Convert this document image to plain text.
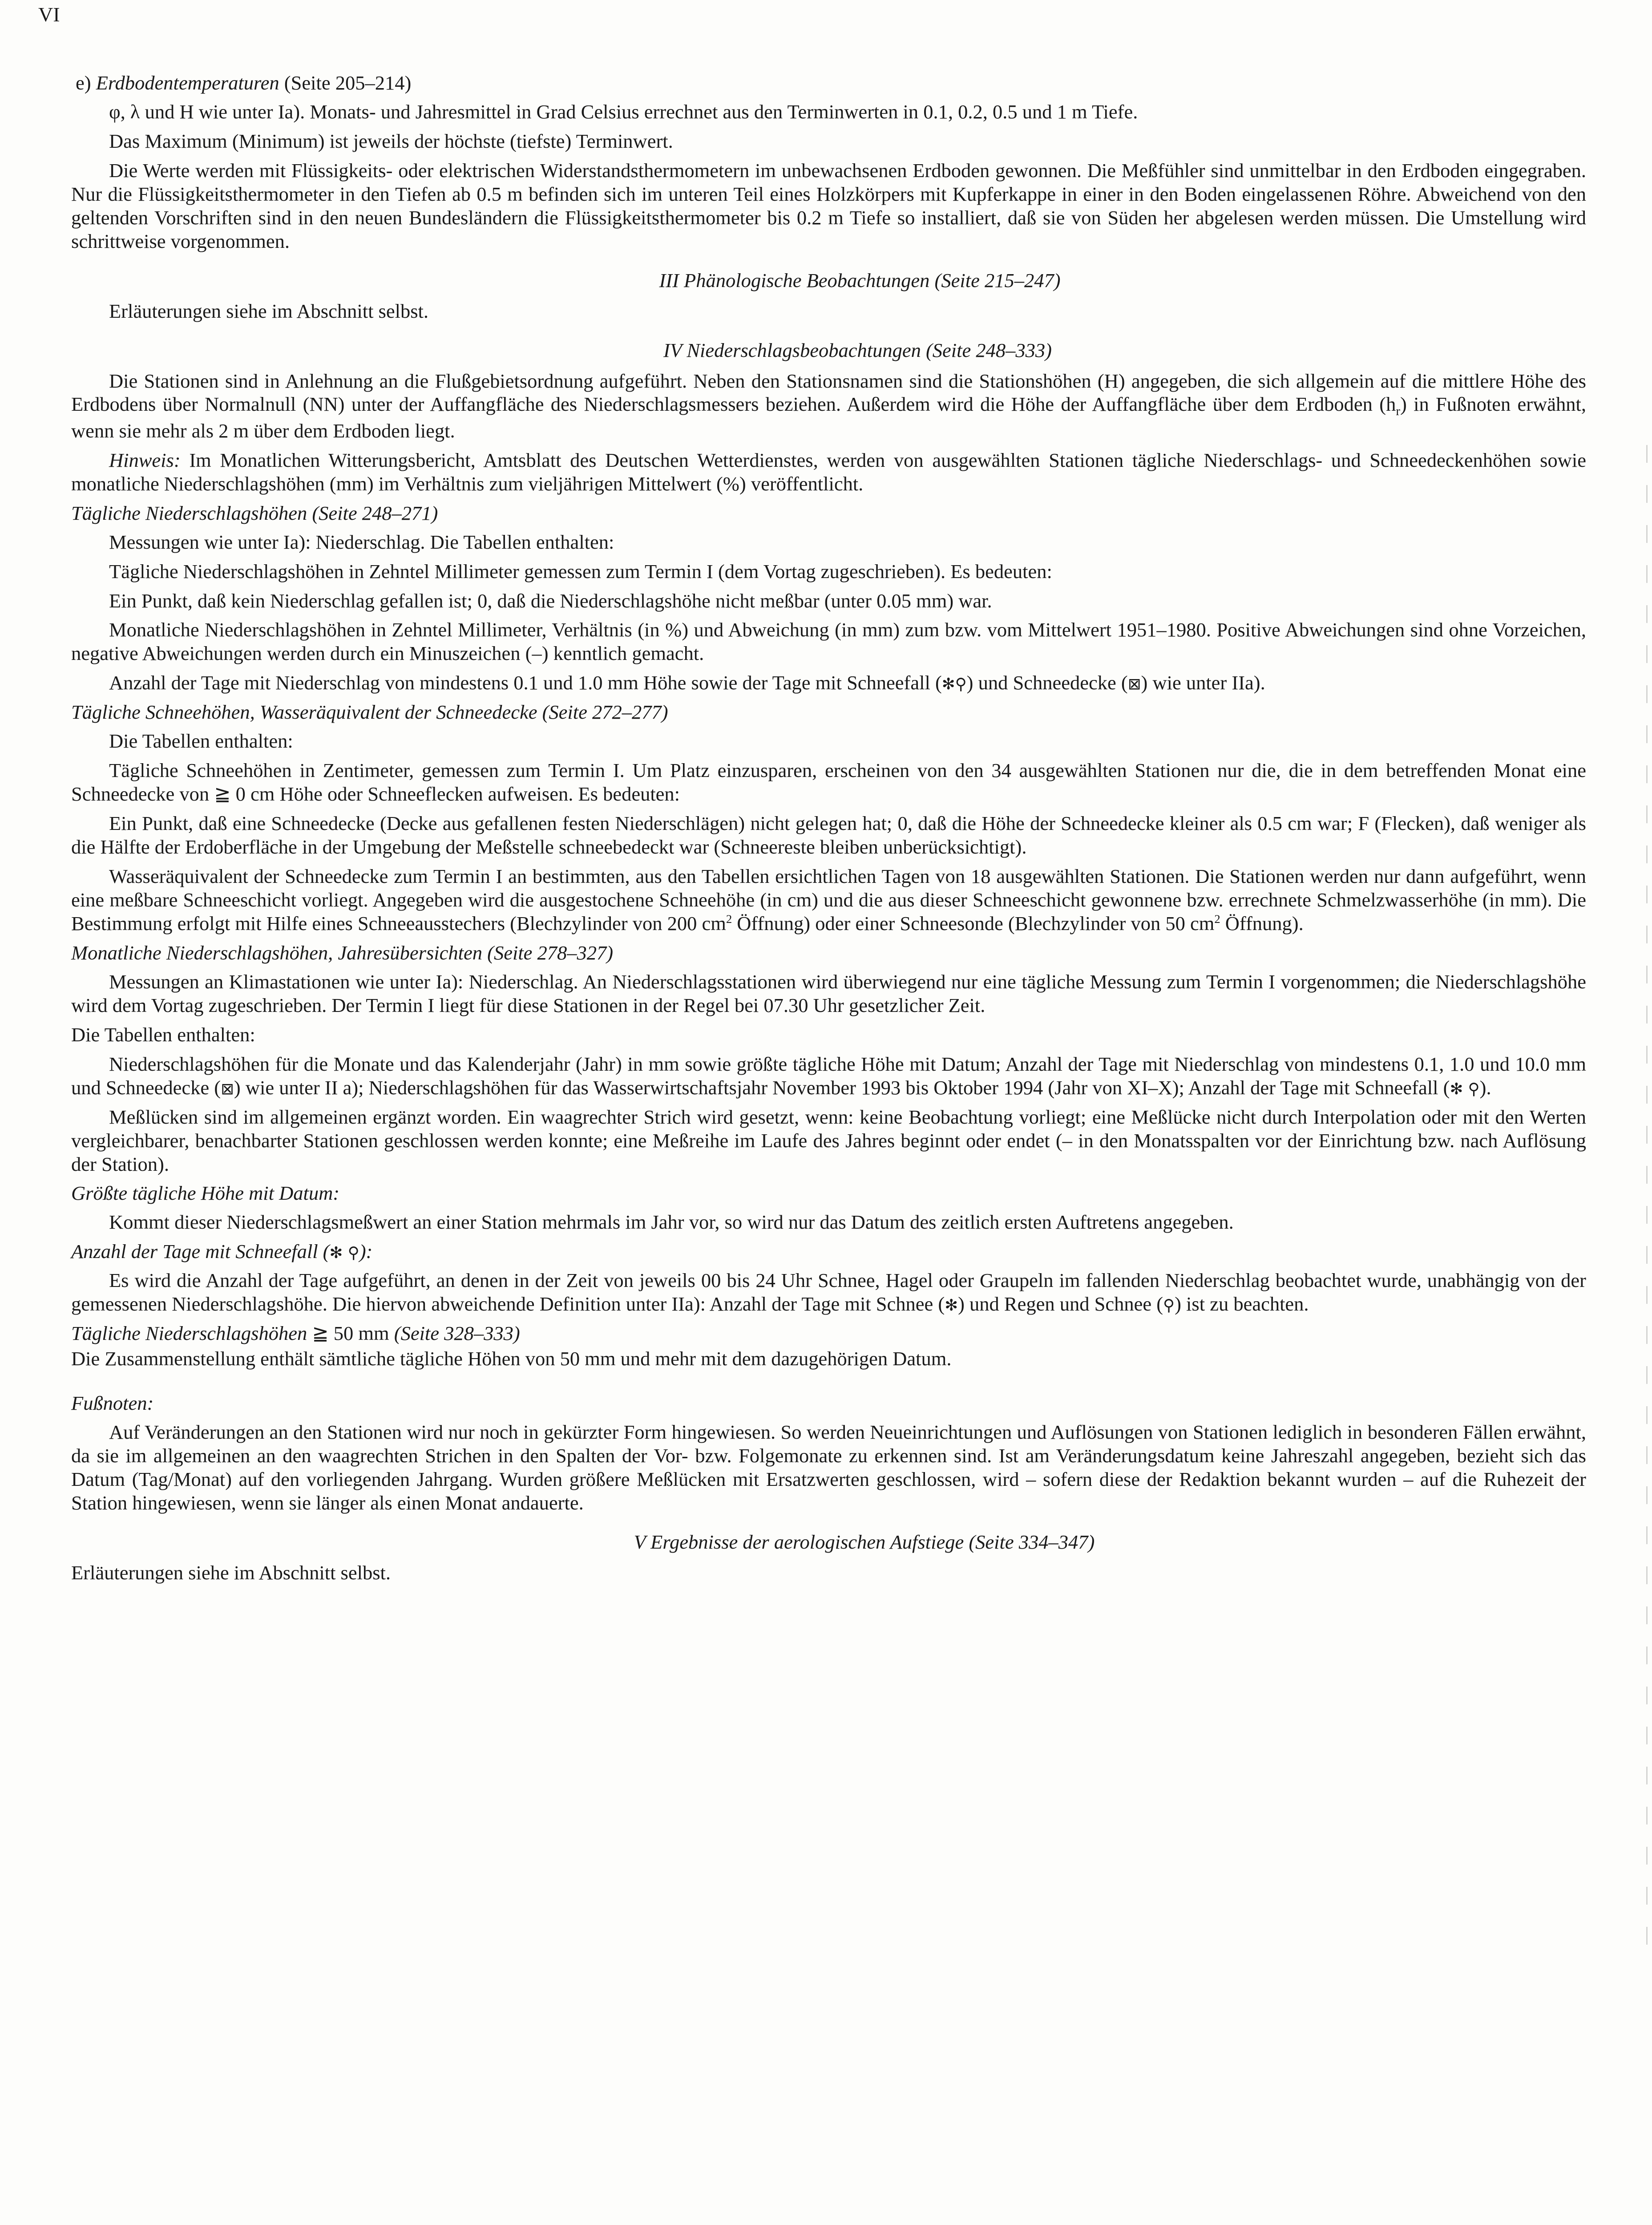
VI
e) Erdbodentemperaturen (Seite 205–214)

φ, λ und H wie unter Ia). Monats- und Jahresmittel in Grad Celsius errechnet aus den Terminwerten in 0.1, 0.2, 0.5 und 1 m Tiefe.

Das Maximum (Minimum) ist jeweils der höchste (tiefste) Terminwert.

Die Werte werden mit Flüssigkeits- oder elektrischen Widerstandsthermometern im unbewachsenen Erdboden gewonnen. Die Meßfühler sind unmittelbar in den Erdboden eingegraben. Nur die Flüssigkeitsthermometer in den Tiefen ab 0.5 m befinden sich im unteren Teil eines Holzkörpers mit Kupferkappe in einer in den Boden eingelassenen Röhre. Abweichend von den geltenden Vorschriften sind in den neuen Bundesländern die Flüssigkeitsthermometer bis 0.2 m Tiefe so installiert, daß sie von Süden her abgelesen werden müssen. Die Umstellung wird schrittweise vorgenommen.

III Phänologische Beobachtungen (Seite 215–247)

Erläuterungen siehe im Abschnitt selbst.

IV Niederschlagsbeobachtungen (Seite 248–333)

Die Stationen sind in Anlehnung an die Flußgebietsordnung aufgeführt. Neben den Stationsnamen sind die Stationshöhen (H) angegeben, die sich allgemein auf die mittlere Höhe des Erdbodens über Normalnull (NN) unter der Auffangfläche des Niederschlagsmessers beziehen. Außerdem wird die Höhe der Auffangfläche über dem Erdboden $(h_r)$ in Fußnoten erwähnt, wenn sie mehr als 2 m über dem Erdboden liegt.

Hinweis: Im Monatlichen Witterungsbericht, Amtsblatt des Deutschen Wetterdienstes, werden von ausgewählten Stationen tägliche Niederschlags- und Schneedeckenhöhen sowie monatliche Niederschlagshöhen (mm) im Verhältnis zum vieljährigen Mittelwert (%) veröffentlicht.

Tägliche Niederschlagshöhen (Seite 248–271)

Messungen wie unter Ia): Niederschlag. Die Tabellen enthalten:

Tägliche Niederschlagshöhen in Zehntel Millimeter gemessen zum Termin I (dem Vortag zugeschrieben). Es bedeuten:

Ein Punkt, daß kein Niederschlag gefallen ist; 0, daß die Niederschlagshöhe nicht meßbar (unter 0.05 mm) war.

Monatliche Niederschlagshöhen in Zehntel Millimeter, Verhältnis (in %) und Abweichung (in mm) zum bzw. vom Mittelwert 1951–1980. Positive Abweichungen sind ohne Vorzeichen, negative Abweichungen werden durch ein Minuszeichen (–) kenntlich gemacht.

Anzahl der Tage mit Niederschlag von mindestens 0.1 und 1.0 mm Höhe sowie der Tage mit Schneefall (✻⚲) und Schneedecke (⊠) wie unter IIa).

Tägliche Schneehöhen, Wasseräquivalent der Schneedecke (Seite 272–277)

Die Tabellen enthalten:

Tägliche Schneehöhen in Zentimeter, gemessen zum Termin I. Um Platz einzusparen, erscheinen von den 34 ausgewählten Stationen nur die, die in dem betreffenden Monat eine Schneedecke von ≧ 0 cm Höhe oder Schneeflecken aufweisen. Es bedeuten:

Ein Punkt, daß eine Schneedecke (Decke aus gefallenen festen Niederschlägen) nicht gelegen hat; 0, daß die Höhe der Schneedecke kleiner als 0.5 cm war; F (Flecken), daß weniger als die Hälfte der Erdoberfläche in der Umgebung der Meßstelle schneebedeckt war (Schneereste bleiben unberücksichtigt).

Wasseräquivalent der Schneedecke zum Termin I an bestimmten, aus den Tabellen ersichtlichen Tagen von 18 ausgewählten Stationen. Die Stationen werden nur dann aufgeführt, wenn eine meßbare Schneeschicht vorliegt. Angegeben wird die ausgestochene Schneehöhe (in cm) und die aus dieser Schneeschicht gewonnene bzw. errechnete Schmelzwasserhöhe (in mm). Die Bestimmung erfolgt mit Hilfe eines Schneeausstechers (Blechzylinder von 200 $cm^2$ Öffnung) oder einer Schneesonde (Blechzylinder von 50 $cm^2$ Öffnung).

Monatliche Niederschlagshöhen, Jahresübersichten (Seite 278–327)

Messungen an Klimastationen wie unter Ia): Niederschlag. An Niederschlagsstationen wird überwiegend nur eine tägliche Messung zum Termin I vorgenommen; die Niederschlagshöhe wird dem Vortag zugeschrieben. Der Termin I liegt für diese Stationen in der Regel bei 07.30 Uhr gesetzlicher Zeit.

Die Tabellen enthalten:

Niederschlagshöhen für die Monate und das Kalenderjahr (Jahr) in mm sowie größte tägliche Höhe mit Datum; Anzahl der Tage mit Niederschlag von mindestens 0.1, 1.0 und 10.0 mm und Schneedecke (⊠) wie unter II a); Niederschlagshöhen für das Wasserwirtschaftsjahr November 1993 bis Oktober 1994 (Jahr von XI–X); Anzahl der Tage mit Schneefall (✻ ⚲).

Meßlücken sind im allgemeinen ergänzt worden. Ein waagrechter Strich wird gesetzt, wenn: keine Beobachtung vorliegt; eine Meßlücke nicht durch Interpolation oder mit den Werten vergleichbarer, benachbarter Stationen geschlossen werden konnte; eine Meßreihe im Laufe des Jahres beginnt oder endet (– in den Monatsspalten vor der Einrichtung bzw. nach Auflösung der Station).

Größte tägliche Höhe mit Datum:

Kommt dieser Niederschlagsmeßwert an einer Station mehrmals im Jahr vor, so wird nur das Datum des zeitlich ersten Auftretens angegeben.

Anzahl der Tage mit Schneefall (✻ ⚲):

Es wird die Anzahl der Tage aufgeführt, an denen in der Zeit von jeweils 00 bis 24 Uhr Schnee, Hagel oder Graupeln im fallenden Niederschlag beobachtet wurde, unabhängig von der gemessenen Niederschlagshöhe. Die hiervon abweichende Definition unter IIa): Anzahl der Tage mit Schnee (✻) und Regen und Schnee (⚲) ist zu beachten.

Tägliche Niederschlagshöhen ≧ 50 mm (Seite 328–333)

Die Zusammenstellung enthält sämtliche tägliche Höhen von 50 mm und mehr mit dem dazugehörigen Datum.

Fußnoten:

Auf Veränderungen an den Stationen wird nur noch in gekürzter Form hingewiesen. So werden Neueinrichtungen und Auflösungen von Stationen lediglich in besonderen Fällen erwähnt, da sie im allgemeinen an den waagrechten Strichen in den Spalten der Vor- bzw. Folgemonate zu erkennen sind. Ist am Veränderungsdatum keine Jahreszahl angegeben, bezieht sich das Datum (Tag/Monat) auf den vorliegenden Jahrgang. Wurden größere Meßlücken mit Ersatzwerten geschlossen, wird – sofern diese der Redaktion bekannt wurden – auf die Ruhezeit der Station hingewiesen, wenn sie länger als einen Monat andauerte.

V Ergebnisse der aerologischen Aufstiege (Seite 334–347)

Erläuterungen siehe im Abschnitt selbst.
